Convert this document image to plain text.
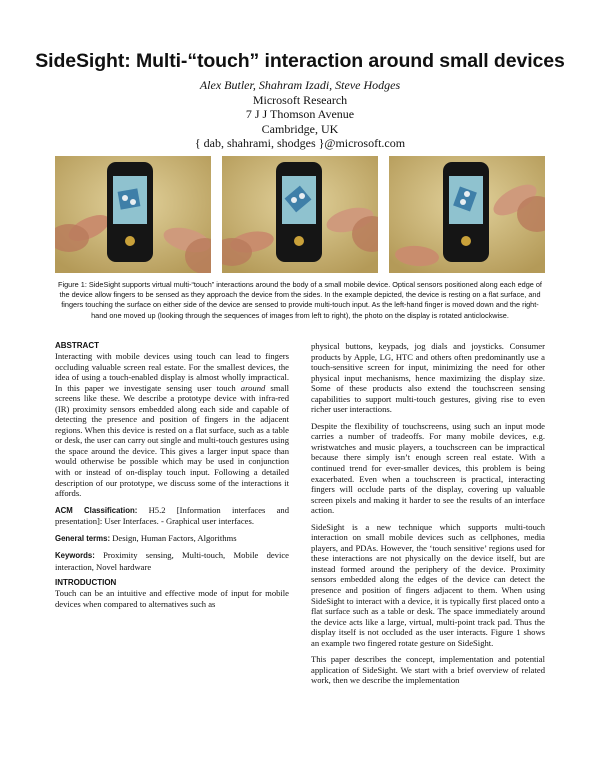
SideSight: Multi-“touch” interaction around small devices
Alex Butler, Shahram Izadi, Steve Hodges
Microsoft Research
7 J J Thomson Avenue
Cambridge, UK
{ dab, shahrami, shodges }@microsoft.com
Figure 1: SideSight supports virtual multi-“touch” interactions around the body of a small mobile device. Optical sensors positioned along each edge of the device allow fingers to be sensed as they approach the device from the sides. In the example depicted, the device is resting on a flat surface, and fingers touching the surface on either side of the device are sensed to provide multi-touch input. As the left-hand finger is moved down and the right-hand one moved up (looking through the sequences of images from left to right), the photo on the display is rotated anticlockwise.
ABSTRACT

Interacting with mobile devices using touch can lead to fingers occluding valuable screen real estate. For the smallest devices, the idea of using a touch-enabled display is almost wholly impractical. In this paper we investigate sensing user touch around small screens like these. We describe a prototype device with infra-red (IR) proximity sensors embedded along each side and capable of detecting the presence and position of fingers in the adjacent regions. When this device is rested on a flat surface, such as a table or desk, the user can carry out single and multi-touch gestures using the space around the device. This gives a larger input space than would otherwise be possible which may be used in conjunction with or instead of on-display touch input. Following a detailed description of our prototype, we discuss some of the interactions it affords.

ACM Classification: H5.2 [Information interfaces and presentation]: User Interfaces. - Graphical user interfaces.

General terms: Design, Human Factors, Algorithms

Keywords: Proximity sensing, Multi-touch, Mobile device interaction, Novel hardware

INTRODUCTION

Touch can be an intuitive and effective mode of input for mobile devices when compared to alternatives such as

physical buttons, keypads, jog dials and joysticks. Consumer products by Apple, LG, HTC and others often predominantly use a touch-sensitive screen for input, minimizing the need for other physical input mechanisms, hence maximizing the display size. Some of these products also extend the touchscreen sensing capabilities to support multi-touch gestures, giving rise to even richer user interactions.

Despite the flexibility of touchscreens, using such an input mode carries a number of tradeoffs. For many mobile devices, e.g. wristwatches and music players, a touchscreen can be impractical because there simply isn’t enough screen real estate. With a continued trend for ever-smaller devices, this problem is being exacerbated. Even when a touchscreen is practical, interacting fingers will occlude parts of the display, covering up valuable screen pixels and making it harder to see the results of an interface action.

SideSight is a new technique which supports multi-touch interaction on small mobile devices such as cellphones, media players, and PDAs. However, the ‘touch sensitive’ regions used for these interactions are not physically on the device itself, but are instead formed around the periphery of the device. Proximity sensors embedded along the edges of the device can detect the presence and position of fingers adjacent to them. When using SideSight to interact with a device, it is typically first placed onto a flat surface such as a table or desk. The space immediately around the device acts like a large, virtual, multi-point track pad. Thus the display itself is not occluded as the user interacts. Figure 1 shows an example two fingered rotate gesture on SideSight.

This paper describes the concept, implementation and potential application of SideSight. We start with a brief overview of related work, then we describe the implementation
